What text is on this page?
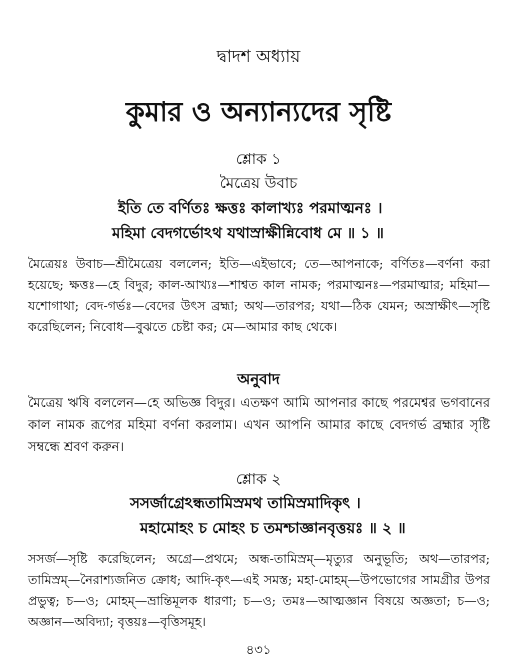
দ্বাদশ অধ্যায়
কুমার ও অন্যান্যদের সৃষ্টি
শ্লোক ১
মৈত্রেয় উবাচ
ইতি তে বর্ণিতঃ ক্ষত্তঃ কালাখ্যঃ পরমাত্মনঃ ।
মহিমা বেদগর্ভোঽথ যথাস্রাক্ষীন্নিবোধ মে ॥ ১ ॥
মৈত্রেয়ঃ উবাচ—শ্রীমৈত্রেয় বললেন; ইতি—এইভাবে; তে—আপনাকে; বর্ণিতঃ—বর্ণনা করা হয়েছে; ক্ষত্তঃ—হে বিদুর; কাল-আখ্যঃ—শাশ্বত কাল নামক; পরমাত্মনঃ—পরমাত্মার; মহিমা—যশোগাথা; বেদ-গর্ভঃ—বেদের উৎস ব্রহ্মা; অথ—তারপর; যথা—ঠিক যেমন; অস্রাক্ষীৎ—সৃষ্টি করেছিলেন; নিবোধ—বুঝতে চেষ্টা কর; মে—আমার কাছ থেকে।
অনুবাদ
মৈত্রেয় ঋষি বললেন—হে অভিজ্ঞ বিদুর। এতক্ষণ আমি আপনার কাছে পরমেশ্বর ভগবানের কাল নামক রূপের মহিমা বর্ণনা করলাম। এখন আপনি আমার কাছে বেদগর্ভ ব্রহ্মার সৃষ্টি সম্বন্ধে শ্রবণ করুন।
শ্লোক ২
সসর্জাগ্রেঽন্ধতামিস্রমথ তামিস্রমাদিকৃৎ ।
মহামোহং চ মোহং চ তমশ্চাজ্ঞানবৃত্তয়ঃ ॥ ২ ॥
সসর্জ—সৃষ্টি করেছিলেন; অগ্রে—প্রথমে; অন্ধ-তামিস্রম্—মৃত্যুর অনুভূতি; অথ—তারপর; তামিস্রম্—নৈরাশ্যজনিত ক্রোধ; আদি-কৃৎ—এই সমস্ত; মহা-মোহম্—উপভোগের সামগ্রীর উপর প্রভুত্ব; চ—ও; মোহম্—ভ্রান্তিমূলক ধারণা; চ—ও; তমঃ—আত্মজ্ঞান বিষয়ে অজ্ঞতা; চ—ও; অজ্ঞান—অবিদ্যা; বৃত্তয়ঃ—বৃত্তিসমূহ।
৪৩১
